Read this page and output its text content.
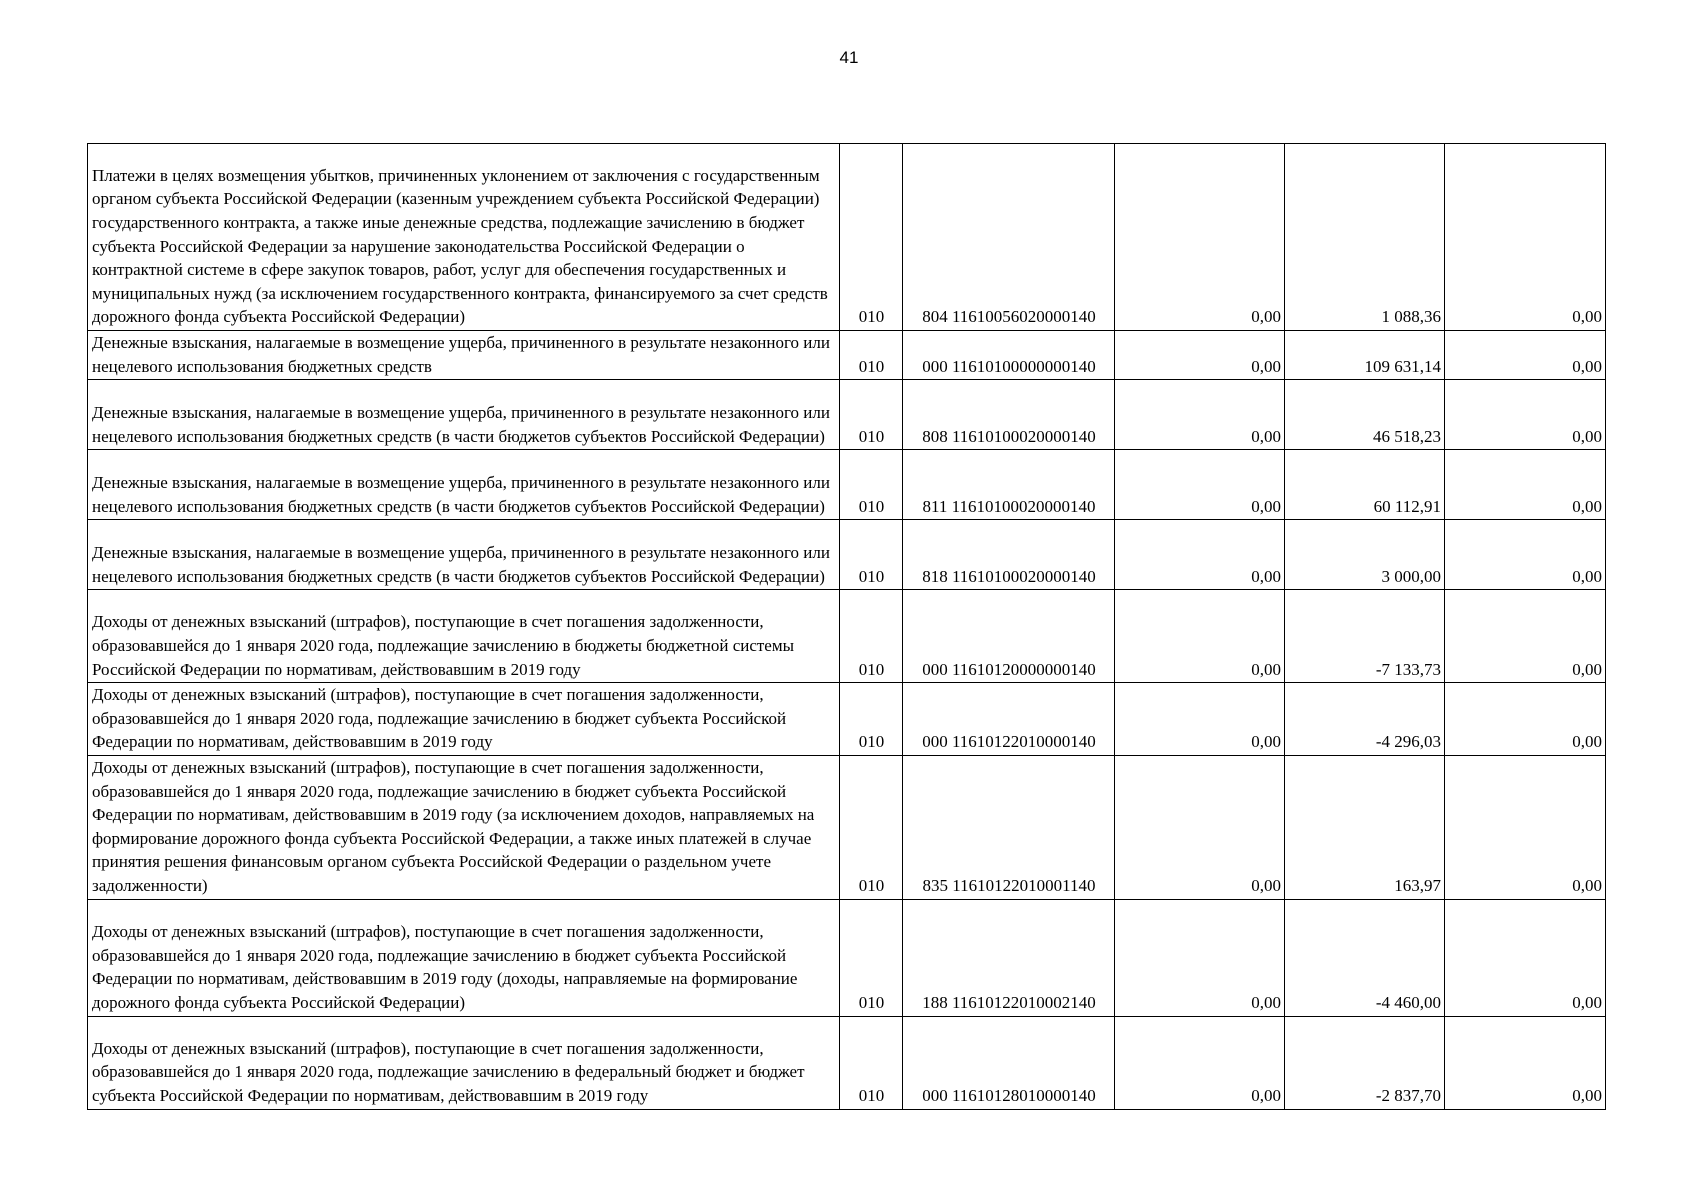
41
Платежи в целях возмещения убытков, причиненных уклонением от заключения с государственным органом субъекта Российской Федерации (казенным учреждением субъекта Российской Федерации) государственного контракта, а также иные денежные средства, подлежащие зачислению в бюджет субъекта Российской Федерации за нарушение законодательства Российской Федерации о контрактной системе в сфере закупок товаров, работ, услуг для обеспечения государственных и муниципальных нужд (за исключением государственного контракта, финансируемого за счет средств дорожного фонда субъекта Российской Федерации)	010	804 11610056020000140	0,00	1 088,36	0,00

Денежные взыскания, налагаемые в возмещение ущерба, причиненного в результате незаконного или нецелевого использования бюджетных средств	010	000 11610100000000140	0,00	109 631,14	0,00

Денежные взыскания, налагаемые в возмещение ущерба, причиненного в результате незаконного или нецелевого использования бюджетных средств (в части бюджетов субъектов Российской Федерации)	010	808 11610100020000140	0,00	46 518,23	0,00

Денежные взыскания, налагаемые в возмещение ущерба, причиненного в результате незаконного или нецелевого использования бюджетных средств (в части бюджетов субъектов Российской Федерации)	010	811 11610100020000140	0,00	60 112,91	0,00

Денежные взыскания, налагаемые в возмещение ущерба, причиненного в результате незаконного или нецелевого использования бюджетных средств (в части бюджетов субъектов Российской Федерации)	010	818 11610100020000140	0,00	3 000,00	0,00

Доходы от денежных взысканий (штрафов), поступающие в счет погашения задолженности, образовавшейся до 1 января 2020 года, подлежащие зачислению в бюджеты бюджетной системы Российской Федерации по нормативам, действовавшим в 2019 году	010	000 11610120000000140	0,00	-7 133,73	0,00

Доходы от денежных взысканий (штрафов), поступающие в счет погашения задолженности, образовавшейся до 1 января 2020 года, подлежащие зачислению в бюджет субъекта Российской Федерации по нормативам, действовавшим в 2019 году	010	000 11610122010000140	0,00	-4 296,03	0,00

Доходы от денежных взысканий (штрафов), поступающие в счет погашения задолженности, образовавшейся до 1 января 2020 года, подлежащие зачислению в бюджет субъекта Российской Федерации по нормативам, действовавшим в 2019 году (за исключением доходов, направляемых на формирование дорожного фонда субъекта Российской Федерации, а также иных платежей в случае принятия решения финансовым органом субъекта Российской Федерации о раздельном учете задолженности)	010	835 11610122010001140	0,00	163,97	0,00

Доходы от денежных взысканий (штрафов), поступающие в счет погашения задолженности, образовавшейся до 1 января 2020 года, подлежащие зачислению в бюджет субъекта Российской Федерации по нормативам, действовавшим в 2019 году (доходы, направляемые на формирование дорожного фонда субъекта Российской Федерации)	010	188 11610122010002140	0,00	-4 460,00	0,00

Доходы от денежных взысканий (штрафов), поступающие в счет погашения задолженности, образовавшейся до 1 января 2020 года, подлежащие зачислению в федеральный бюджет и бюджет субъекта Российской Федерации по нормативам, действовавшим в 2019 году	010	000 11610128010000140	0,00	-2 837,70	0,00
